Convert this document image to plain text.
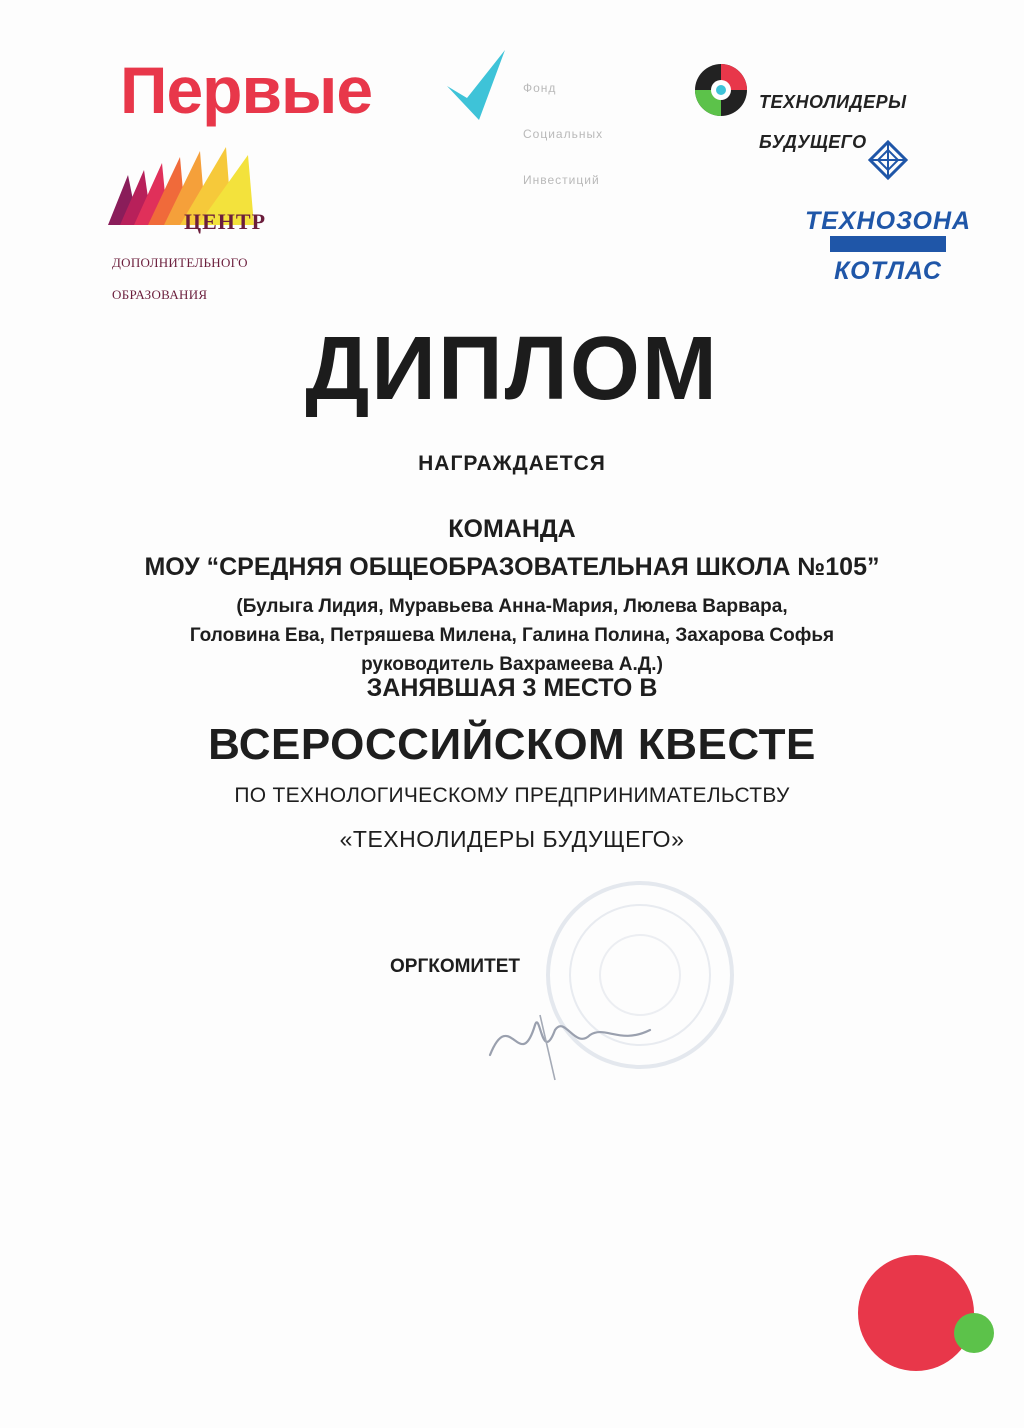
Первые	Фонд

Социальных

Инвестиций

ТЕХНОЛИДЕРЫ

БУДУЩЕГО

ЦЕНТР

ДОПОЛНИТЕЛЬНОГО

ОБРАЗОВАНИЯ

ТЕХНОЗОНА

КОТЛАС

ДИПЛОМ
НАГРАЖДАЕТСЯ
КОМАНДА
МОУ “СРЕДНЯЯ ОБЩЕОБРАЗОВАТЕЛЬНАЯ ШКОЛА №105”
(Булыга Лидия, Муравьева Анна-Мария, Люлева Варвара,
Головина Ева, Петряшева Милена, Галина Полина, Захарова Софья
руководитель Вахрамеева А.Д.)
ЗАНЯВШАЯ 3 МЕСТО В
ВСЕРОССИЙСКОМ КВЕСТЕ
ПО ТЕХНОЛОГИЧЕСКОМУ ПРЕДПРИНИМАТЕЛЬСТВУ
«ТЕХНОЛИДЕРЫ БУДУЩЕГО»
ОРГКОМИТЕТ
